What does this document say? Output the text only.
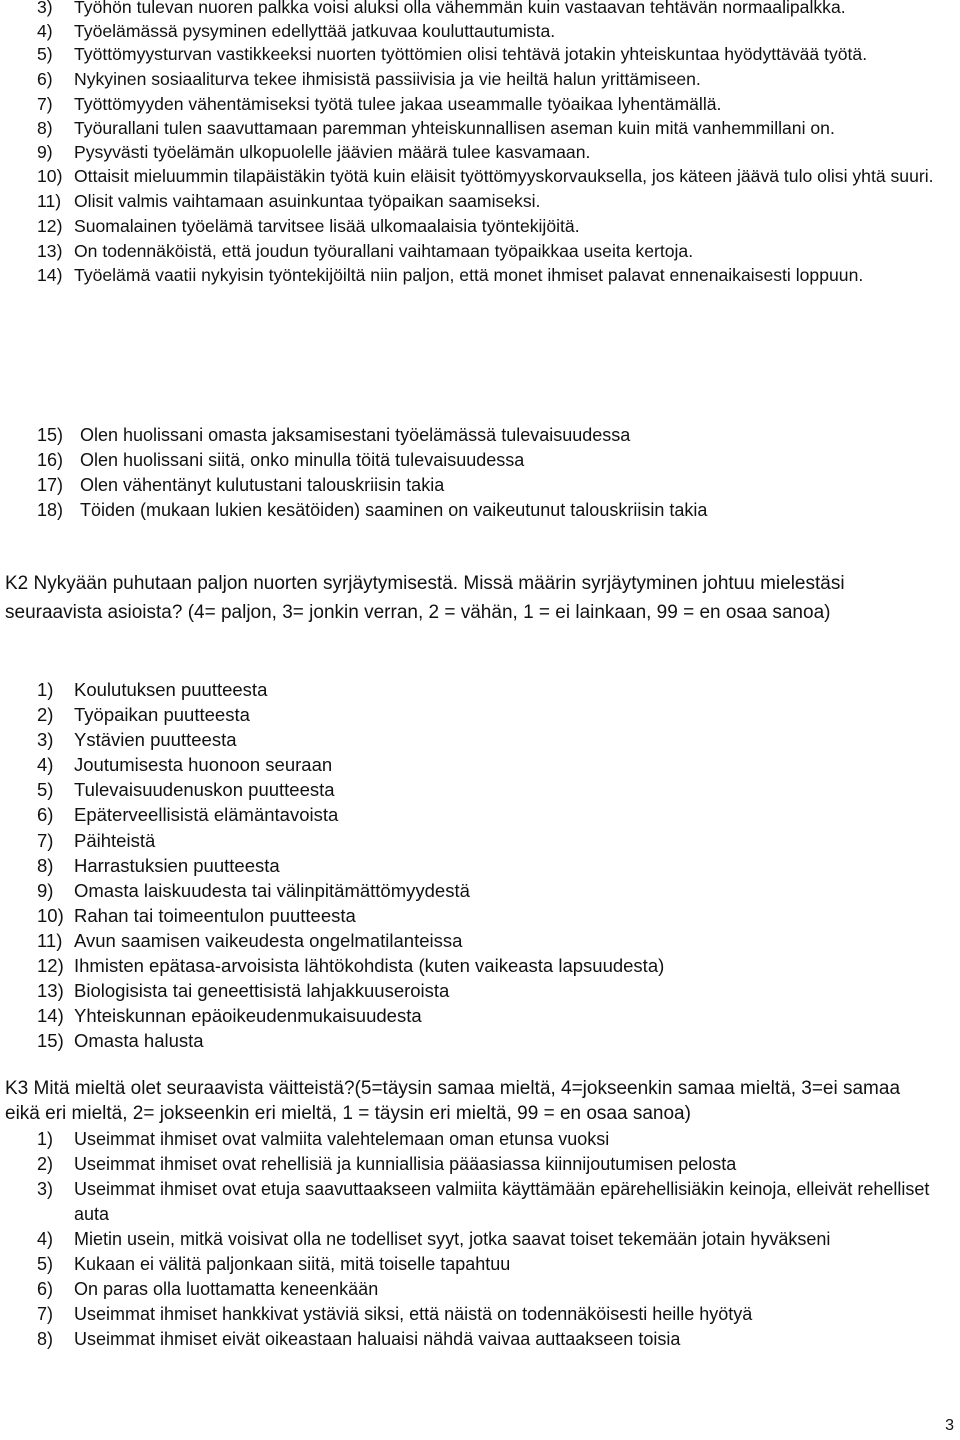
3) Työhön tulevan nuoren palkka voisi aluksi olla vähemmän kuin vastaavan tehtävän normaalipalkka.

4) Työelämässä pysyminen edellyttää jatkuvaa kouluttautumista.

5) Työttömyysturvan vastikkeeksi nuorten työttömien olisi tehtävä jotakin yhteiskuntaa hyödyttävää työtä.

6) Nykyinen sosiaaliturva tekee ihmisistä passiivisia ja vie heiltä halun yrittämiseen.

7) Työttömyyden vähentämiseksi työtä tulee jakaa useammalle työaikaa lyhentämällä.

8) Työurallani tulen saavuttamaan paremman yhteiskunnallisen aseman kuin mitä vanhemmillani on.

9) Pysyvästi työelämän ulkopuolelle jäävien määrä tulee kasvamaan.

10) Ottaisit mieluummin tilapäistäkin työtä kuin eläisit työttömyyskorvauksella, jos käteen jäävä tulo olisi yhtä suuri.

11) Olisit valmis vaihtamaan asuinkuntaa työpaikan saamiseksi.

12) Suomalainen työelämä tarvitsee lisää ulkomaalaisia työntekijöitä.

13) On todennäköistä, että joudun työurallani vaihtamaan työpaikkaa useita kertoja.

14) Työelämä vaatii nykyisin työntekijöiltä niin paljon, että monet ihmiset palavat ennenaikaisesti loppuun.

15) Olen huolissani omasta jaksamisestani työelämässä tulevaisuudessa

16) Olen huolissani siitä, onko minulla töitä tulevaisuudessa

17) Olen vähentänyt kulutustani talouskriisin takia

18) Töiden (mukaan lukien kesätöiden) saaminen on vaikeutunut talouskriisin takia

K2 Nykyään puhutaan paljon nuorten syrjäytymisestä. Missä määrin syrjäytyminen johtuu mielestäsi seuraavista asioista? (4= paljon, 3= jonkin verran, 2 = vähän, 1 = ei lainkaan, 99 = en osaa sanoa)

1) Koulutuksen puutteesta

2) Työpaikan puutteesta

3) Ystävien puutteesta

4) Joutumisesta huonoon seuraan

5) Tulevaisuudenuskon puutteesta

6) Epäterveellisistä elämäntavoista

7) Päihteistä

8) Harrastuksien puutteesta

9) Omasta laiskuudesta tai välinpitämättömyydestä

10) Rahan tai toimeentulon puutteesta

11) Avun saamisen vaikeudesta ongelmatilanteissa

12) Ihmisten epätasa-arvoisista lähtökohdista (kuten vaikeasta lapsuudesta)

13) Biologisista tai geneettisistä lahjakkuuseroista

14) Yhteiskunnan epäoikeudenmukaisuudesta

15) Omasta halusta

K3 Mitä mieltä olet seuraavista väitteistä?(5=täysin samaa mieltä, 4=jokseenkin samaa mieltä, 3=ei samaa eikä eri mieltä, 2= jokseenkin eri mieltä, 1 = täysin eri mieltä, 99 = en osaa sanoa)

1) Useimmat ihmiset ovat valmiita valehtelemaan oman etunsa vuoksi

2) Useimmat ihmiset ovat rehellisiä ja kunniallisia pääasiassa kiinnijoutumisen pelosta

3) Useimmat ihmiset ovat etuja saavuttaakseen valmiita käyttämään epärehellisiäkin keinoja, elleivät rehelliset auta

4) Mietin usein, mitkä voisivat olla ne todelliset syyt, jotka saavat toiset tekemään jotain hyväkseni

5) Kukaan ei välitä paljonkaan siitä, mitä toiselle tapahtuu

6) On paras olla luottamatta keneenkään

7) Useimmat ihmiset hankkivat ystäviä siksi, että näistä on todennäköisesti heille hyötyä

8) Useimmat ihmiset eivät oikeastaan haluaisi nähdä vaivaa auttaakseen toisia

3
